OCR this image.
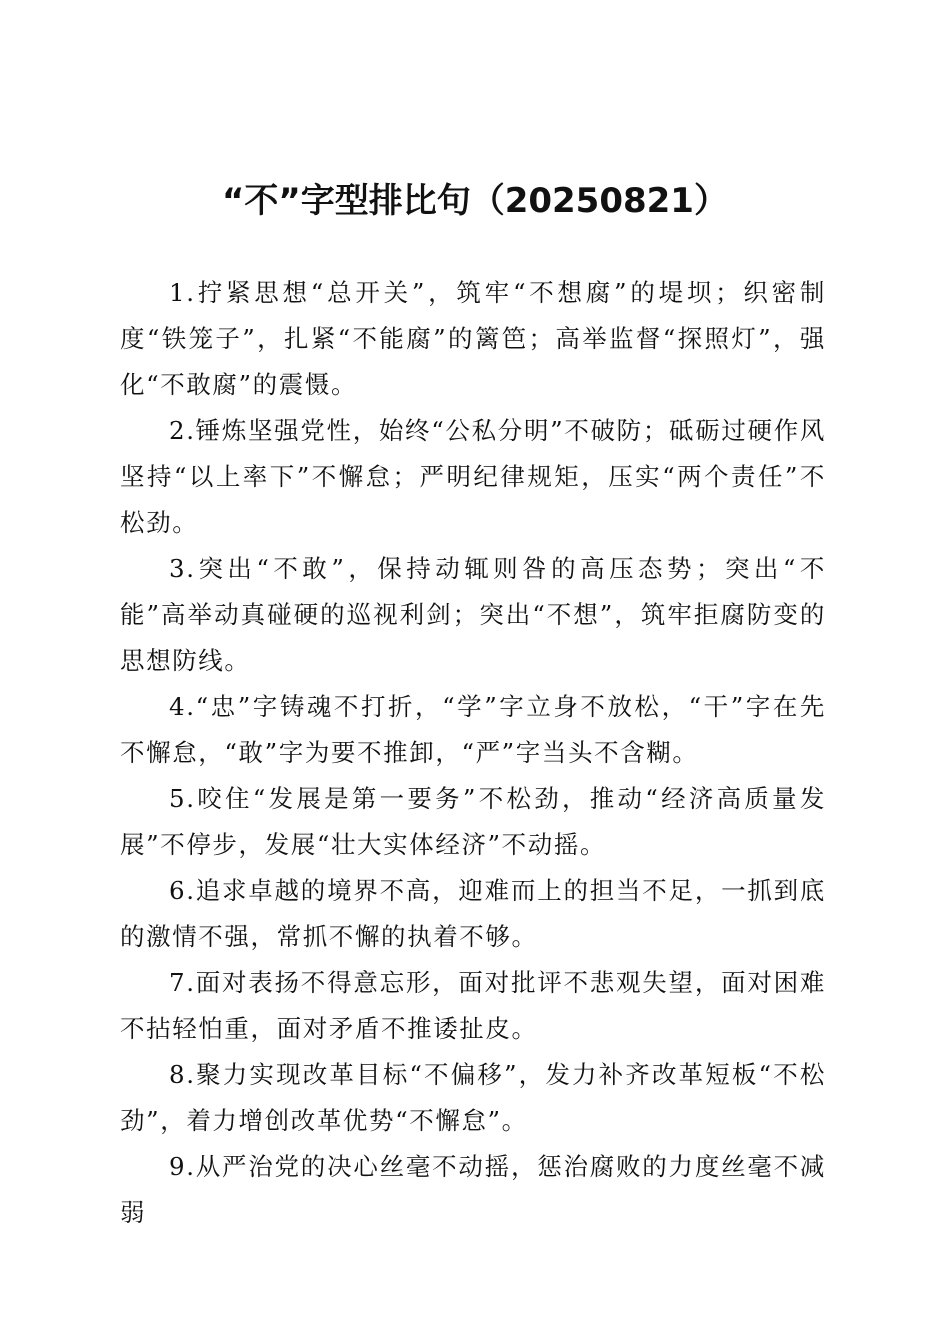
“不”字型排比句（20250821）

1.拧紧思想“总开关”，筑牢“不想腐”的堤坝；织密制度“铁笼子”，扎紧“不能腐”的篱笆；高举监督“探照灯”，强化“不敢腐”的震慑。

2.锤炼坚强党性，始终“公私分明”不破防；砥砺过硬作风坚持“以上率下”不懈怠；严明纪律规矩，压实“两个责任”不松劲。

3.突出“不敢”，保持动辄则咎的高压态势；突出“不能”高举动真碰硬的巡视利剑；突出“不想”，筑牢拒腐防变的思想防线。

4.“忠”字铸魂不打折，“学”字立身不放松，“干”字在先不懈怠，“敢”字为要不推卸，“严”字当头不含糊。

5.咬住“发展是第一要务”不松劲，推动“经济高质量发展”不停步，发展“壮大实体经济”不动摇。

6.追求卓越的境界不高，迎难而上的担当不足，一抓到底的激情不强，常抓不懈的执着不够。

7.面对表扬不得意忘形，面对批评不悲观失望，面对困难不拈轻怕重，面对矛盾不推诿扯皮。

8.聚力实现改革目标“不偏移”，发力补齐改革短板“不松劲”，着力增创改革优势“不懈怠”。

9.从严治党的决心丝毫不动摇，惩治腐败的力度丝毫不减弱
